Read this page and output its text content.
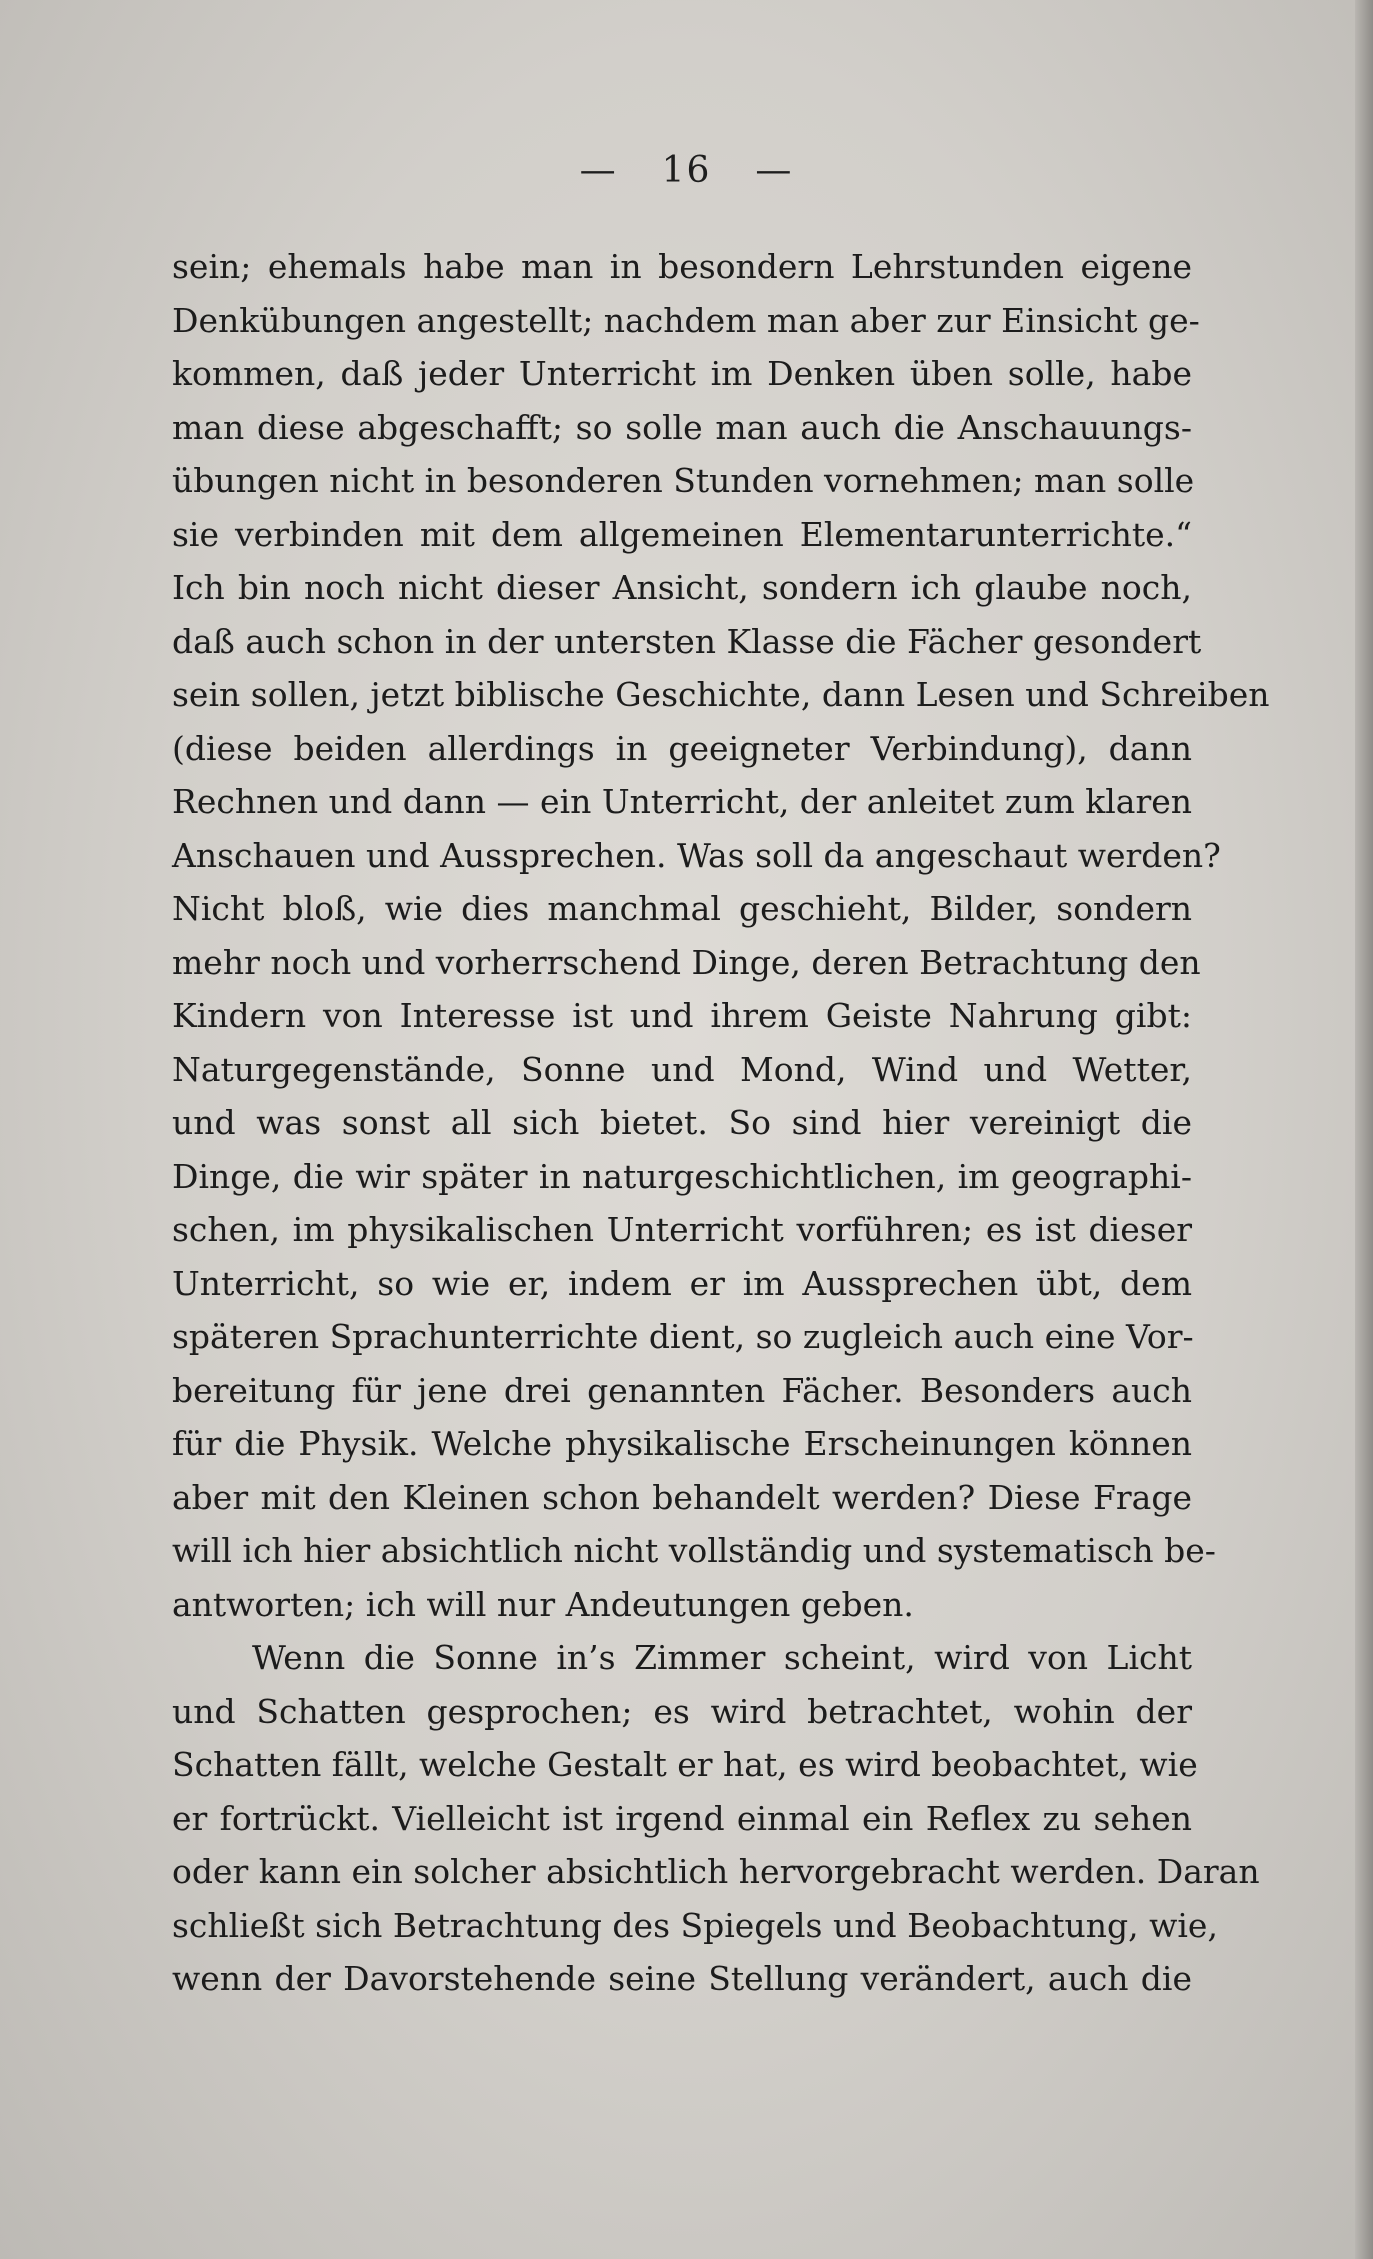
— 16 —
sein; ehemals habe man in besondern Lehrstunden eigene
Denkübungen angestellt; nachdem man aber zur Einsicht ge-
kommen, daß jeder Unterricht im Denken üben solle, habe
man diese abgeschafft; so solle man auch die Anschauungs-
übungen nicht in besonderen Stunden vornehmen; man solle
sie verbinden mit dem allgemeinen Elementarunterrichte.“
Ich bin noch nicht dieser Ansicht, sondern ich glaube noch,
daß auch schon in der untersten Klasse die Fächer gesondert
sein sollen, jetzt biblische Geschichte, dann Lesen und Schreiben
(diese beiden allerdings in geeigneter Verbindung), dann
Rechnen und dann — ein Unterricht, der anleitet zum klaren
Anschauen und Aussprechen. Was soll da angeschaut werden?
Nicht bloß, wie dies manchmal geschieht, Bilder, sondern
mehr noch und vorherrschend Dinge, deren Betrachtung den
Kindern von Interesse ist und ihrem Geiste Nahrung gibt:
Naturgegenstände, Sonne und Mond, Wind und Wetter,
und was sonst all sich bietet. So sind hier vereinigt die
Dinge, die wir später in naturgeschichtlichen, im geographi-
schen, im physikalischen Unterricht vorführen; es ist dieser
Unterricht, so wie er, indem er im Aussprechen übt, dem
späteren Sprachunterrichte dient, so zugleich auch eine Vor-
bereitung für jene drei genannten Fächer. Besonders auch
für die Physik. Welche physikalische Erscheinungen können
aber mit den Kleinen schon behandelt werden? Diese Frage
will ich hier absichtlich nicht vollständig und systematisch be-
antworten; ich will nur Andeutungen geben.
Wenn die Sonne in’s Zimmer scheint, wird von Licht
und Schatten gesprochen; es wird betrachtet, wohin der
Schatten fällt, welche Gestalt er hat, es wird beobachtet, wie
er fortrückt. Vielleicht ist irgend einmal ein Reflex zu sehen
oder kann ein solcher absichtlich hervorgebracht werden. Daran
schließt sich Betrachtung des Spiegels und Beobachtung, wie,
wenn der Davorstehende seine Stellung verändert, auch die
